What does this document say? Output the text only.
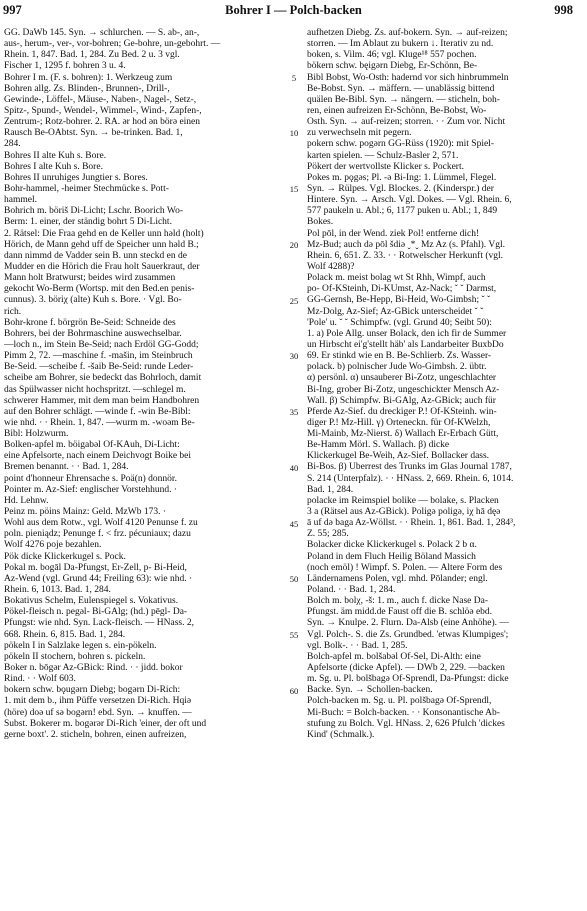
997	Bohrer I — Polch-backen	998
GG. DaWb 145. Syn. → schlurchen. — S. ab-, an-,
aus-, herum-, ver-, vor-bohren; Ge-bohre, un-gebohrt. —
Rhein. 1, 847. Bad. 1, 284. Zu Bed. 2 u. 3 vgl.
Fischer 1, 1295 f. bohren 3 u. 4.
Bohrer I m. (F. s. bohren): 1. Werkzeug zum
Bohren allg. Zs. Blinden-, Brunnen-, Drill-,
Gewinde-, Löffel-, Mäuse-, Naben-, Nagel-, Setz-,
Spitz-, Spund-, Wendel-, Wimmel-, Wind-, Zapfen-,
Zentrum-; Rotz-bohrer. 2. RA. ər hod ən börə einen
Rausch Be-OAbtst. Syn. → be-trinken. Bad. 1,
284.
Bohres II alte Kuh s. Bore.
Bohres I alte Kuh s. Bore.
Bohres II unruhiges Jungtier s. Bores.
Bohr-hammel, -heimer Stechmücke s. Pott-
hammel.
Bohrich m. böriš Di-Licht; Lschr. Boorich Wo-
Berm: 1. einer, der ständig bohrt 5 Di-Licht.
2. Rätsel: Die Fraa gehd en de Keller unn həld (holt)
Hörich, de Mann gehd uff de Speicher unn həld B.;
dann nimmd de Vadder sein B. unn steckd en de
Mudder en die Hörich die Frau holt Sauerkraut, der
Mann holt Bratwurst; beides wird zusammen
gekocht Wo-Berm (Wortsp. mit den Bed.en penis-
cunnus). 3. böriχ (alte) Kuh s. Bore. · Vgl. Bo-
rich.
Bohr-krone f. börgrön Be-Seid: Schneide des
Bohrers, bei der Bohrmaschine auswechselbar.
—loch n., im Stein Be-Seid; nach Erdöl GG-Godd;
Pimm 2, 72. —maschine f. -mašin, im Steinbruch
Be-Seid. —scheibe f. -šaib Be-Seid: runde Leder-
scheibe am Bohrer, sie bedeckt das Bohrloch, damit
das Spülwasser nicht hochspritzt. —schlegel m.
schwerer Hammer, mit dem man beim Handbohren
auf den Bohrer schlägt. —winde f. -win Be-Bibl:
wie nhd. · · Rhein. 1, 847. —wurm m. -woəm Be-
Bibl: Holzwurm.
Bolken-apfel m. böigabəl Of-KAuh, Di-Licht:
eine Apfelsorte, nach einem Deichvogt Boike bei
Bremen benannt. · · Bad. 1, 284.
point d'honneur Ehrensache s. Poä(n) donnör.
Pointer m. Az-Sief: englischer Vorstehhund. ·
Hd. Lehnw.
Peinz m. pöins Mainz: Geld. MzWb 173. ·
Wohl aus dem Rotw., vgl. Wolf 4120 Penunse f. zu
poln. pieniądz; Penunge f. < frz. pécuniaux; dazu
Wolf 4276 poje bezahlen.
Pök dicke Klickerkugel s. Pock.
Pokal m. bogāl Da-Pfungst, Er-Zell, p- Bi-Heid,
Az-Wend (vgl. Grund 44; Freiling 63): wie nhd. ·
Rhein. 6, 1013. Bad. 1, 284.
Bokativus Schelm, Eulenspiegel s. Vokativus.
Pökel-fleisch n. pegəl- Bi-GAlg; (hd.) pēgl- Da-
Pfungst: wie nhd. Syn. Lack-fleisch. — HNass. 2,
668. Rhein. 6, 815. Bad. 1, 284.
pökeln I in Salzlake legen s. ein-pökeln.
pökeln II stochern, bohren s. pickeln.
Boker n. bōgər Az-GBick: Rind. · · jidd. bokor
Rind. · · Wolf 603.
bokern schw. bǫugərn Diebg; bogərn Di-Rich:
1. mit dem b., ihm Püffe versetzen Di-Rich. Hqiə
(höre) doə uf sə bogərn! ebd. Syn. → knuffen. —
Subst. Bokerer m. bogərər Di-Rich 'einer, der oft und
gerne boxt'. 2. sticheln, bohren, einen aufreizen,
5
10
15
20
25
30
35
40
45
50
55
60
aufhetzen Diebg. Zs. auf-bokern. Syn. → auf-reizen;
storren. — Im Ablaut zu bukern ↓. Iterativ zu nd.
boken, s. Vilm. 46; vgl. Kluge¹⁸ 557 pochen.
bökern schw. bęigərn Diebg, Er-Schönn, Be-
Bibl Bobst, Wo-Osth: hadernd vor sich hinbrummeln
Be-Bobst. Syn. → mäffern. — unablässig bittend
quälen Be-Bibl. Syn. → nängern. — sticheln, boh-
ren, einen aufreizen Er-Schönn, Be-Bobst, Wo-
Osth. Syn. → auf-reizen; storren. · · Zum vor. Nicht
zu verwechseln mit pegern.
pokern schw. pogərn GG-Rüss (1920): mit Spiel-
karten spielen. — Schulz-Basler 2, 571.
Pökert der wertvollste Klicker s. Pockert.
Pokes m. pǫgəs; Pl. -ə Bi-Ing: 1. Lümmel, Flegel.
Syn. → Rülpes. Vgl. Blockes. 2. (Kinderspr.) der
Hintere. Syn. → Arsch. Vgl. Dokes. — Vgl. Rhein. 6,
577 paukeln u. Abl.; 6, 1177 puken u. Abl.; 1, 849
Bokes.
Pol pōl, in der Wend. ziek Pol! entferne dich!
Mz-Bud; auch də pōl šdiə ˬ*ˬ Mz Az (s. Pfahl). Vgl.
Rhein. 6, 651. Z. 33. · · Rotwelscher Herkunft (vgl.
Wolf 4288)?
Polack m. meist bolag wt St Rhh, Wimpf, auch
po- Of-KSteinh, Di-KUmst, Az-Nack; ˇ ˇ Darmst,
GG-Gernsh, Be-Hepp, Bi-Heid, Wo-Gimbsh; ˇ ˇ
Mz-Dolg, Az-Sief; Az-GBick unterscheidet ˇ ˇ
'Pole' u. ˇ ˇ Schimpfw. (vgl. Grund 40; Seibt 50):
1. a) Pole Allg. unser Bolack, den ich fir de Summer
un Hirbscht ei'g'stellt häb' als Landarbeiter BuxbDo
69. Er stinkd wie en B. Be-Schlierb. Zs. Wasser-
polack. b) polnischer Jude Wo-Gimbsh. 2. übtr.
α) persönl. α) unsauberer Bi-Zotz, ungeschlachter
Bi-Ing, grober Bi-Zotz, ungeschickter Mensch Az-
Wall. β) Schimpfw. Bi-GAlg, Az-GBick; auch für
Pferde Az-Sief. du dreckiger P.! Of-KSteinh. win-
diger P.! Mz-Hill. γ) Orteneckn. für Of-KWelzh,
Mi-Mainb, Mz-Nierst. δ) Wallach Er-Erbach Gütt,
Be-Hamm Mörl. S. Wallach. β) dicke
Klickerkugel Be-Weih, Az-Sief. Bollacker dass.
Bi-Bos. β) Überrest des Trunks im Glas Journal 1787,
S. 214 (Unterpfalz). · · HNass. 2, 669. Rhein. 6, 1014.
Bad. 1, 284.
polacke im Reimspiel bolike — bolake, s. Placken
3 a (Rätsel aus Az-GBick). Poligə poligə, iχ hā dęə
ā uf də baga Az-Wöllst. · · Rhein. 1, 861. Bad. 1, 284³,
Z. 55; 285.
Bolacker dicke Klickerkugel s. Polack 2 b α.
Poland in dem Fluch Heilig Böland Massich
(noch emöl) ! Wimpf. S. Polen. — Ältere Form des
Ländernamens Polen, vgl. mhd. Pōlander; engl.
Poland. · · Bad. 1, 284.
Bolch m. bolχ, -š: 1. m., auch f. dicke Nase Da-
Pfungst. äm midd.de Faust off die B. schlöə ebd.
Syn. → Knulpe. 2. Flurn. Da-Alsb (eine Anhöhe). —
Vgl. Polch-. S. die Zs. Grundbed. 'etwas Klumpiges';
vgl. Bolk-. · · Bad. 1, 285.
Bolch-apfel m. bolšabəl Of-Sel, Di-Alth: eine
Apfelsorte (dicke Äpfel). — DWb 2, 229. —backen
m. Sg. u. Pl. bolšbagə Of-Sprendl, Da-Pfungst: dicke
Backe. Syn. → Schollen-backen.
Polch-backen m. Sg. u. Pl. polšbagə Of-Sprendl,
Mi-Buch: = Bolch-backen. · · Konsonantische Ab-
stufung zu Bolch. Vgl. HNass. 2, 626 Pfulch 'dickes
Kind' (Schmalk.).
